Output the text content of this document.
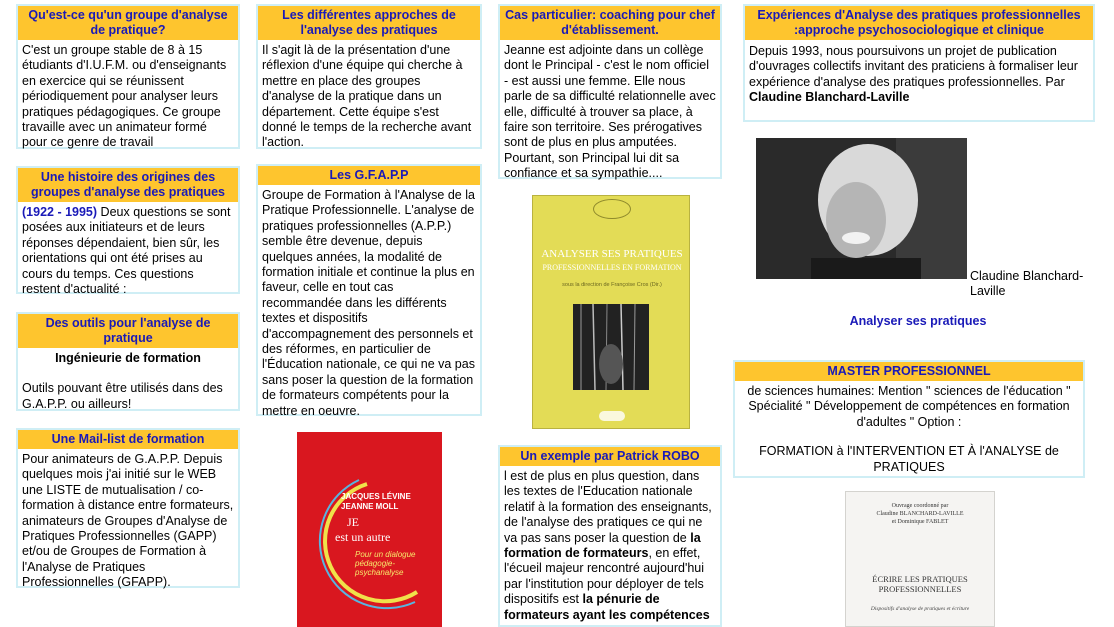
Qu'est-ce qu'un groupe d'analyse de pratique?
C'est un groupe stable de 8 à 15 étudiants d'I.U.F.M. ou d'enseignants en exercice qui se réunissent périodiquement pour analyser leurs pratiques pédagogiques. Ce groupe travaille avec un animateur formé pour ce genre de travail
Une histoire des origines des groupes d'analyse des pratiques
(1922 - 1995) Deux questions se sont posées aux initiateurs et de leurs réponses dépendaient, bien sûr, les orientations qui ont été prises au cours du temps. Ces questions restent d'actualité :
Des outils pour l'analyse de pratique
Ingénieurie de formation
Outils pouvant être utilisés dans des G.A.P.P. ou ailleurs!
Une Mail-list de formation
Pour animateurs de G.A.P.P. Depuis quelques mois j'ai initié sur le WEB une LISTE de mutualisation / co-formation à distance entre formateurs, animateurs de Groupes d'Analyse de Pratiques Professionnelles (GAPP) et/ou de Groupes de Formation à l'Analyse de Pratiques Professionnelles (GFAPP).
Les différentes approches de l'analyse des pratiques
Il s'agit là de la présentation d'une réflexion d'une équipe qui cherche à mettre en place des groupes d'analyse de la pratique dans un département. Cette équipe s'est donné le temps de la recherche avant l'action.
Les G.F.A.P.P
Groupe de Formation à l'Analyse de la Pratique Professionnelle. L'analyse de pratiques professionnelles (A.P.P.) semble être devenue, depuis quelques années, la modalité de formation initiale et continue la plus en faveur, celle en tout cas recommandée dans les différents textes et dispositifs d'accompagnement des personnels et des réformes, en particulier de l'Éducation nationale, ce qui ne va pas sans poser la question de la formation de formateurs compétents pour la mettre en oeuvre.
JACQUES LÉVINE
JEANNE MOLL
JE
est un autre
Pour un dialogue
pédagogie-psychanalyse
Cas particulier: coaching pour chef d'établissement.
Jeanne est adjointe dans un collège dont le Principal - c'est le nom officiel - est aussi une femme. Elle nous parle de sa difficulté relationnelle avec elle, difficulté à trouver sa place, à faire son territoire. Ses prérogatives sont de plus en plus amputées. Pourtant, son Principal lui dit sa confiance et sa sympathie....
ANALYSER SES PRATIQUES
PROFESSIONNELLES EN FORMATION
sous la direction de Françoise Cros (Dir.)
Un exemple par Patrick ROBO
l est de plus en plus question, dans les textes de l'Education nationale relatif à la formation des enseignants, de l'analyse des pratiques ce qui ne va pas sans poser la question de la formation de formateurs, en effet, l'écueil majeur rencontré aujourd'hui par l'institution pour déployer de tels dispositifs est la pénurie de formateurs ayant les compétences
Expériences d'Analyse des pratiques professionnelles :approche psychosociologique et clinique
Depuis 1993, nous poursuivons un projet de publication d'ouvrages collectifs invitant des praticiens à formaliser leur expérience d'analyse des pratiques professionnelles. Par Claudine Blanchard-Laville
Claudine Blanchard-Laville
Analyser ses pratiques
MASTER PROFESSIONNEL
de sciences humaines: Mention " sciences de l'éducation " Spécialité " Développement de compétences en formation d'adultes " Option :
FORMATION à l'INTERVENTION ET À l'ANALYSE de PRATIQUES
Ouvrage coordonné par
Claudine BLANCHARD-LAVILLE
et Dominique FABLET
ÉCRIRE LES PRATIQUES
PROFESSIONNELLES
Dispositifs d'analyse de pratiques et écriture
